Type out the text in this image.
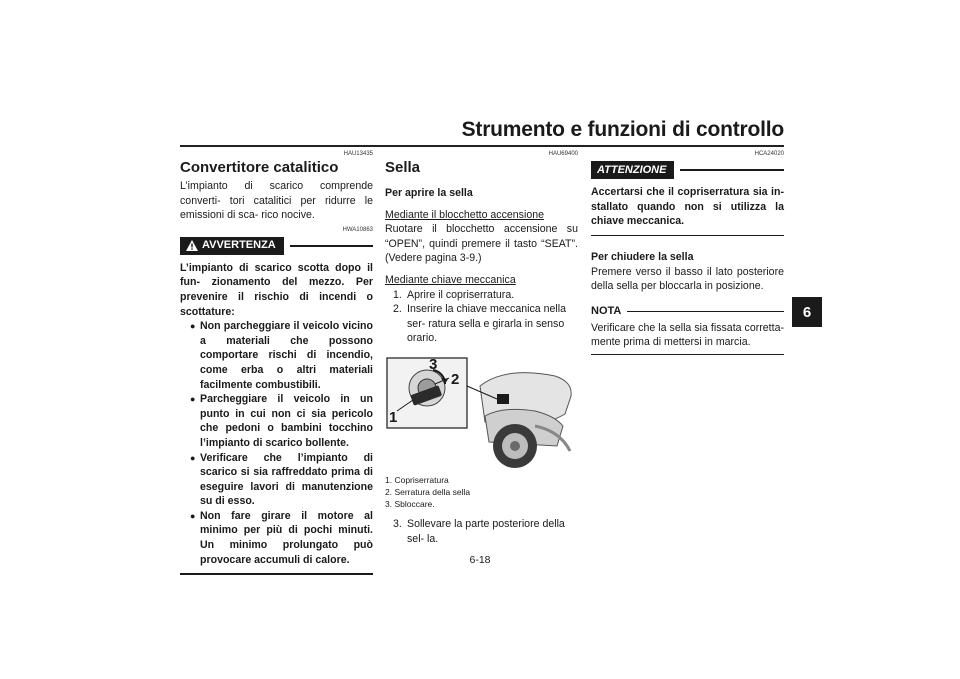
Strumento e funzioni di controllo
6
HAU13435
Convertitore catalitico

L’impianto di scarico comprende converti- tori catalitici per ridurre le emissioni di sca- rico nocive.

HWA10863
AVVERTENZA

L’impianto di scarico scotta dopo il fun- zionamento del mezzo. Per prevenire il rischio di incendi o scottature:

● Non parcheggiare il veicolo vicino a materiali che possono comportare rischi di incendio, come erba o altri materiali facilmente combustibili.
● Parcheggiare il veicolo in un punto in cui non ci sia pericolo che pedoni o bambini tocchino l’impianto di scarico bollente.
● Verificare che l’impianto di scarico si sia raffreddato prima di eseguire lavori di manutenzione su di esso.
● Non fare girare il motore al minimo per più di pochi minuti. Un minimo prolungato può provocare accumuli di calore.
HAU69400
Sella

Per aprire la sella

Mediante il blocchetto accensione

Ruotare il blocchetto accensione su “OPEN”, quindi premere il tasto “SEAT”. (Vedere pagina 3-9.)

Mediante chiave meccanica

1. Aprire il copriserratura.
2. Inserire la chiave meccanica nella ser- ratura sella e girarla in senso orario.
1
2
3
1. Copriserratura
2. Serratura della sella
3. Sbloccare.
3. Sollevare la parte posteriore della sel- la.
HCA24020
ATTENZIONE

Accertarsi che il copriserratura sia in- stallato quando non si utilizza la chiave meccanica.

Per chiudere la sella

Premere verso il basso il lato posteriore della sella per bloccarla in posizione.

NOTA

Verificare che la sella sia fissata corretta- mente prima di mettersi in marcia.

6-18
